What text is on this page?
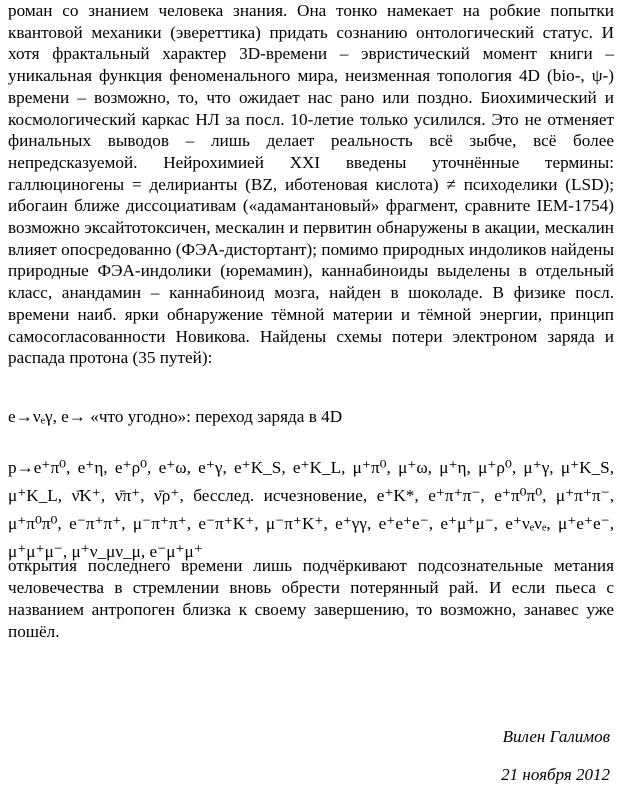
роман со знанием человека знания. Она тонко намекает на робкие попытки квантовой механики (эвереттика) придать сознанию онтологический статус. И хотя фрактальный характер 3D-времени – эвристический момент книги – уникальная функция феноменального мира, неизменная топология 4D (bio-, ψ-) времени – возможно, то, что ожидает нас рано или поздно. Биохимический и космологический каркас НЛ за посл. 10-летие только усилился. Это не отменяет финальных выводов – лишь делает реальность всё зыбче, всё более непредсказуемой. Нейрохимией XXI введены уточнённые термины: галлюциногены = делирианты (BZ, иботеновая кислота) ≠ психоделики (LSD); ибогаин ближе диссоциативам («адамантановый» фрагмент, сравните IEM-1754) возможно эксайтотоксичен, мескалин и первитин обнаружены в акации, мескалин влияет опосредованно (ФЭА-дистортант); помимо природных индоликов найдены природные ФЭА-индолики (юремамин), каннабиноиды выделены в отдельный класс, анандамин – каннабиноид мозга, найден в шоколаде. В физике посл. времени наиб. ярки обнаружение тёмной материи и тёмной энергии, принцип самосогласованности Новикова. Найдены схемы потери электроном заряда и распада протона (35 путей):

e→νₑγ, e→ «что угодно»: переход заряда в 4D

p→e⁺π⁰, e⁺η, e⁺ρ⁰, e⁺ω, e⁺γ, e⁺K_S, e⁺K_L, μ⁺π⁰, μ⁺ω, μ⁺η, μ⁺ρ⁰, μ⁺γ, μ⁺K_S, μ⁺K_L, ν̄K⁺, ν̄π⁺, ν̄ρ⁺, бесслед. исчезновение, e⁺K*, e⁺π⁺π⁻, e⁺π⁰π⁰, μ⁺π⁺π⁻, μ⁺π⁰π⁰, e⁻π⁺π⁺, μ⁻π⁺π⁺, e⁻π⁺K⁺, μ⁻π⁺K⁺, e⁺γγ, e⁺e⁺e⁻, e⁺μ⁺μ⁻, e⁺νₑνₑ, μ⁺e⁺e⁻, μ⁺μ⁺μ⁻, μ⁺ν_μν_μ, e⁻μ⁺μ⁺

открытия последнего времени лишь подчёркивают подсознательные метания человечества в стремлении вновь обрести потерянный рай. И если пьеса с названием антропоген близка к своему завершению, то возможно, занавес уже пошёл.

Вилен Галимов

21 ноября 2012
